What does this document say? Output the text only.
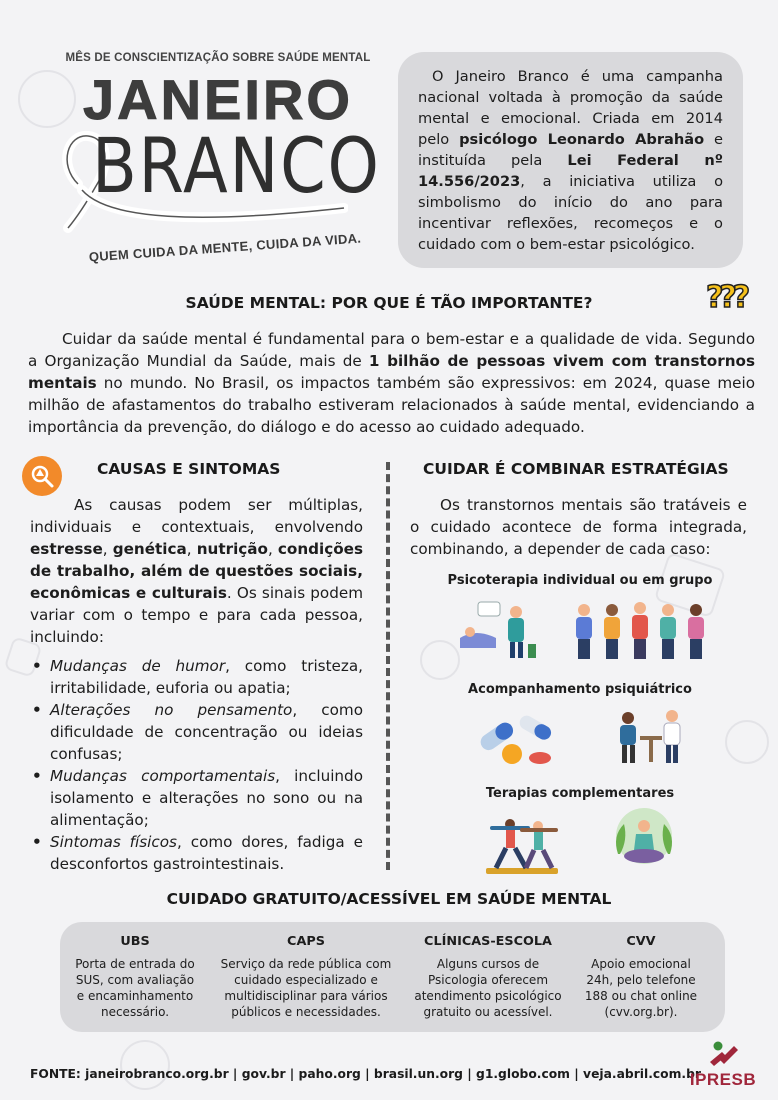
MÊS DE CONSCIENTIZAÇÃO SOBRE SAÚDE MENTAL
JANEIRO
BRANCO
QUEM CUIDA DA MENTE, CUIDA DA VIDA.
O Janeiro Branco é uma campanha nacional voltada à promoção da saúde mental e emocional. Criada em 2014 pelo psicólogo Leonardo Abrahão e instituída pela Lei Federal nº 14.556/2023, a iniciativa utiliza o simbolismo do início do ano para incentivar reflexões, recomeços e o cuidado com o bem-estar psicológico.
SAÚDE MENTAL: POR QUE É TÃO IMPORTANTE?	???

Cuidar da saúde mental é fundamental para o bem-estar e a qualidade de vida. Segundo a Organização Mundial da Saúde, mais de 1 bilhão de pessoas vivem com transtornos mentais no mundo. No Brasil, os impactos também são expressivos: em 2024, quase meio milhão de afastamentos do trabalho estiveram relacionados à saúde mental, evidenciando a importância da prevenção, do diálogo e do acesso ao cuidado adequado.

CAUSAS E SINTOMAS

As causas podem ser múltiplas, individuais e contextuais, envolvendo estresse, genética, nutrição, condições de trabalho, além de questões sociais, econômicas e culturais. Os sinais podem variar com o tempo e para cada pessoa, incluindo:

• Mudanças de humor, como tristeza, irritabilidade, euforia ou apatia;
• Alterações no pensamento, como dificuldade de concentração ou ideias confusas;
• Mudanças comportamentais, incluindo isolamento e alterações no sono ou na alimentação;
• Sintomas físicos, como dores, fadiga e desconfortos gastrointestinais.
CUIDAR É COMBINAR ESTRATÉGIAS

Os transtornos mentais são tratáveis e o cuidado acontece de forma integrada, combinando, a depender de cada caso:

Psicoterapia individual ou em grupo
Acompanhamento psiquiátrico
Terapias complementares
CUIDADO GRATUITO/ACESSÍVEL EM SAÚDE MENTAL
UBS
Porta de entrada do
SUS, com avaliação
e encaminhamento
necessário.
CAPS
Serviço da rede pública com
cuidado especializado e
multidisciplinar para vários
públicos e necessidades.
CLÍNICAS-ESCOLA
Alguns cursos de
Psicologia oferecem
atendimento psicológico
gratuito ou acessível.
CVV
Apoio emocional
24h, pelo telefone
188 ou chat online
(cvv.org.br).
FONTE: janeirobranco.org.br | gov.br | paho.org | brasil.un.org | g1.globo.com | veja.abril.com.br
IPRESB
